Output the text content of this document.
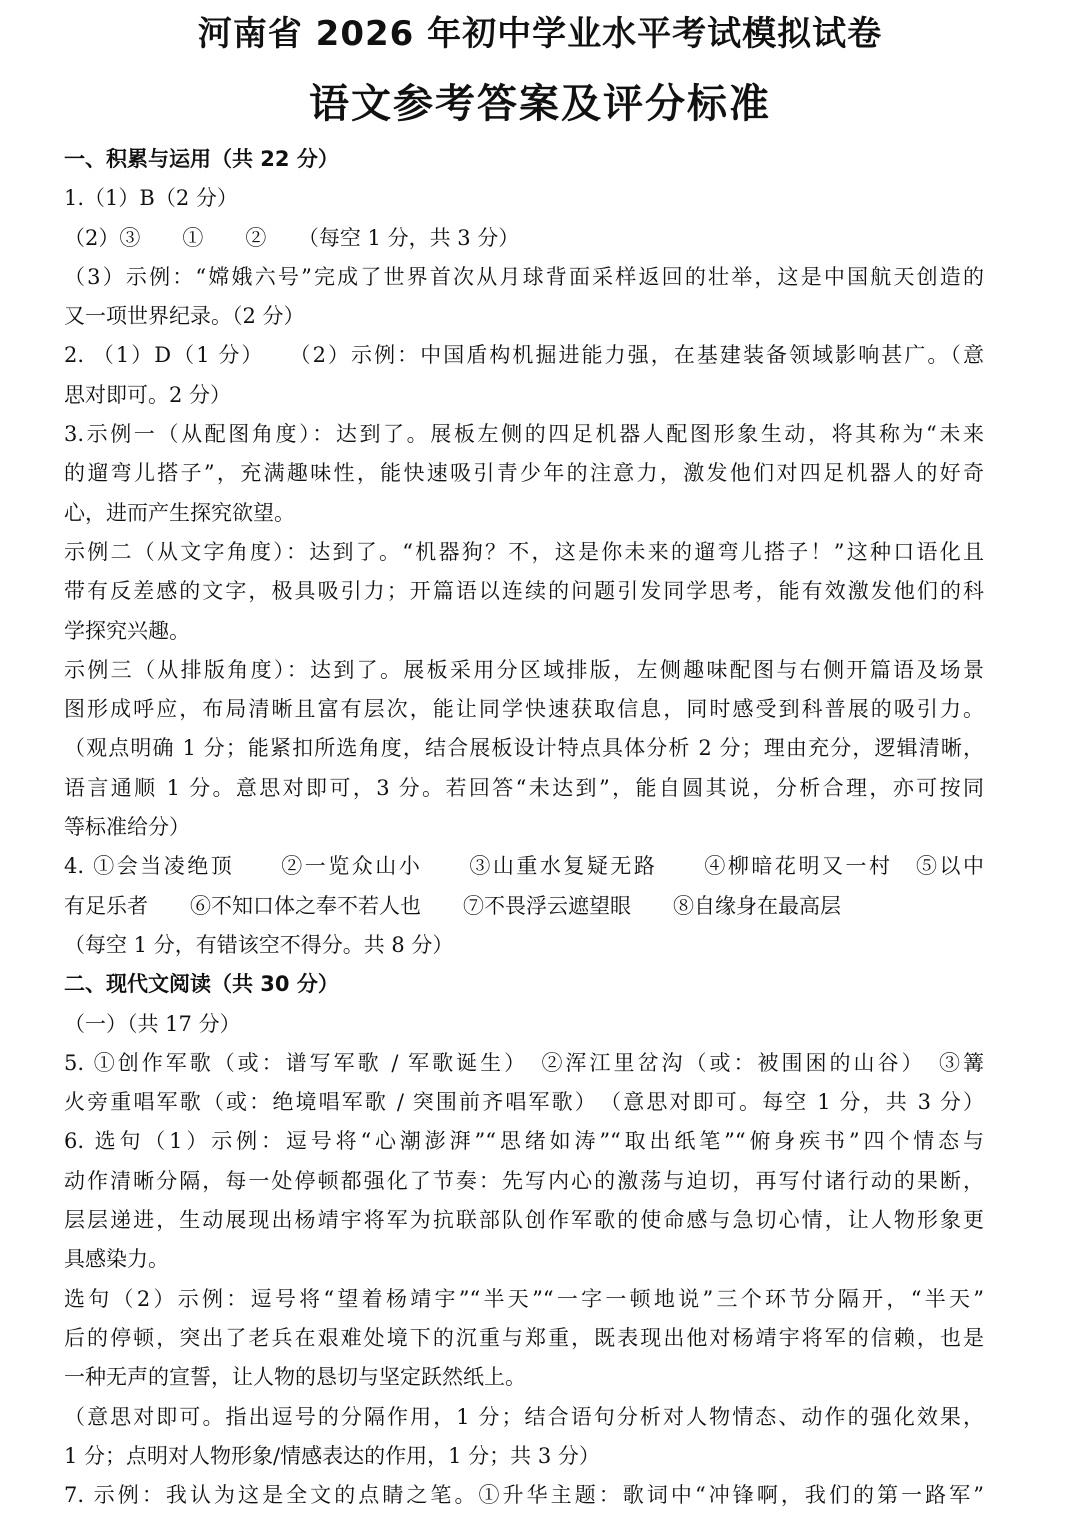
河南省 2026 年初中学业水平考试模拟试卷
语文参考答案及评分标准
一、积累与运用（共 22 分）
1.（1）B（2 分）
（2）③　　①　　②　　（每空 1 分，共 3 分）
（3）示例：“嫦娥六号”完成了世界首次从月球背面采样返回的壮举，这是中国航天创造的
又一项世界纪录。（2 分）
2. （1）D（1 分）　　（2）示例：中国盾构机掘进能力强，在基建装备领域影响甚广。（意
思对即可。2 分）
3.示例一（从配图角度）：达到了。展板左侧的四足机器人配图形象生动，将其称为“未来
的遛弯儿搭子”，充满趣味性，能快速吸引青少年的注意力，激发他们对四足机器人的好奇
心，进而产生探究欲望。
示例二（从文字角度）：达到了。“机器狗？不，这是你未来的遛弯儿搭子！”这种口语化且
带有反差感的文字，极具吸引力；开篇语以连续的问题引发同学思考，能有效激发他们的科
学探究兴趣。
示例三（从排版角度）：达到了。展板采用分区域排版，左侧趣味配图与右侧开篇语及场景
图形成呼应，布局清晰且富有层次，能让同学快速获取信息，同时感受到科普展的吸引力。
（观点明确 1 分；能紧扣所选角度，结合展板设计特点具体分析 2 分；理由充分，逻辑清晰，
语言通顺 1 分。意思对即可，3 分。若回答“未达到”，能自圆其说，分析合理，亦可按同
等标准给分）
4. ①会当凌绝顶　　②一览众山小　　③山重水复疑无路　　④柳暗花明又一村　⑤以中
有足乐者　　⑥不知口体之奉不若人也　　⑦不畏浮云遮望眼　　⑧自缘身在最高层
（每空 1 分，有错该空不得分。共 8 分）
二、现代文阅读（共 30 分）
（一）（共 17 分）
5. ①创作军歌（或：谱写军歌 / 军歌诞生）　②浑江里岔沟（或：被围困的山谷）　③篝
火旁重唱军歌（或：绝境唱军歌 / 突围前齐唱军歌）　（意思对即可。每空 1 分，共 3 分）
6. 选句（1）示例：逗号将“心潮澎湃”“思绪如涛”“取出纸笔”“俯身疾书”四个情态与
动作清晰分隔，每一处停顿都强化了节奏：先写内心的激荡与迫切，再写付诸行动的果断，
层层递进，生动展现出杨靖宇将军为抗联部队创作军歌的使命感与急切心情，让人物形象更
具感染力。
选句（2）示例：逗号将“望着杨靖宇”“半天”“一字一顿地说”三个环节分隔开，“半天”
后的停顿，突出了老兵在艰难处境下的沉重与郑重，既表现出他对杨靖宇将军的信赖，也是
一种无声的宣誓，让人物的恳切与坚定跃然纸上。
（意思对即可。指出逗号的分隔作用，1 分；结合语句分析对人物情态、动作的强化效果，
1 分；点明对人物形象/情感表达的作用，1 分；共 3 分）
7. 示例：我认为这是全文的点睛之笔。①升华主题：歌词中“冲锋啊，我们的第一路军”
